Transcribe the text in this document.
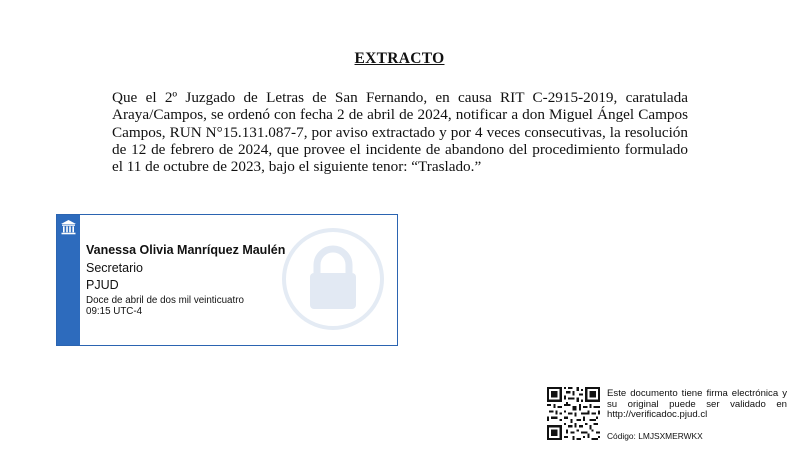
EXTRACTO
Que el 2º Juzgado de Letras de San Fernando, en causa RIT C-2915-2019, caratulada Araya/Campos, se ordenó con fecha 2 de abril de 2024, notificar a don Miguel Ángel Campos Campos, RUN N°15.131.087-7, por aviso extractado y por 4 veces consecutivas, la resolución de 12 de febrero de 2024, que provee el incidente de abandono del procedimiento formulado el 11 de octubre de 2023, bajo el siguiente tenor: “Traslado.”
Vanessa Olivia Manríquez Maulén
Secretario
PJUD
Doce de abril de dos mil veinticuatro
09:15 UTC-4
Este documento tiene firma electrónica y su original puede ser validado en http://verificadoc.pjud.cl
Código: LMJSXMERWKX
